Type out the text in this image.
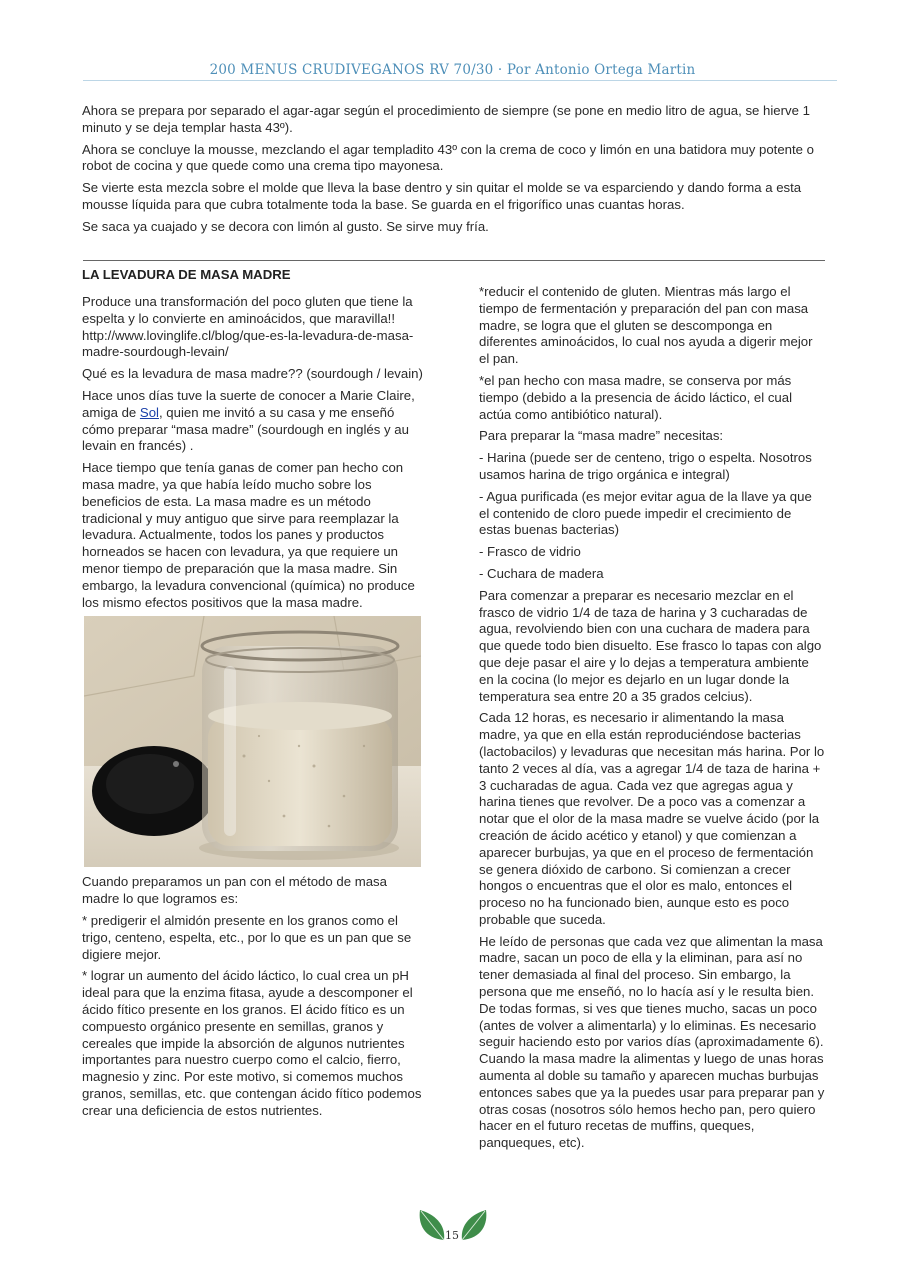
200 MENUS CRUDIVEGANOS RV 70/30 · Por Antonio Ortega Martin

Ahora se prepara por separado el agar-agar según el procedimiento de siempre (se pone en medio litro de agua, se hierve 1 minuto y se deja templar hasta 43º).

Ahora se concluye la mousse, mezclando el agar templadito 43º con la crema de coco y limón en una batidora muy potente o robot de cocina y que quede como una crema tipo mayonesa.

Se vierte esta mezcla sobre el molde que lleva la base dentro y sin quitar el molde se va esparciendo y dando forma a esta mousse líquida para que cubra totalmente toda la base. Se guarda en el frigorífico unas cuantas horas.

Se saca ya cuajado y se decora con limón al gusto. Se sirve muy fría.

LA LEVADURA DE MASA MADRE

Produce una transformación del poco gluten que tiene la espelta y lo convierte en aminoácidos, que maravilla!! http://www.lovinglife.cl/blog/que-es-la-levadura-de-masa-madre-sourdough-levain/

Qué es la levadura de masa madre?? (sourdough / levain)

Hace unos días tuve la suerte de conocer a Marie Claire, amiga de Sol, quien me invitó a su casa y me enseñó cómo preparar “masa madre” (sourdough en inglés y au levain en francés) .

Hace tiempo que tenía ganas de comer pan hecho con masa madre, ya que había leído mucho sobre los beneficios de esta. La masa madre es un método tradicional y muy antiguo que sirve para reemplazar la levadura. Actualmente, todos los panes y productos horneados se hacen con levadura, ya que requiere un menor tiempo de preparación que la masa madre. Sin embargo, la levadura convencional (química) no produce los mismo efectos positivos que la masa madre.

Cuando preparamos un pan con el método de masa madre lo que logramos es:

* predigerir el almidón presente en los granos como el trigo, centeno, espelta, etc., por lo que es un pan que se digiere mejor.

* lograr un aumento del ácido láctico, lo cual crea un pH ideal para que la enzima fitasa, ayude a descomponer el ácido fítico presente en los granos. El ácido fítico es un compuesto orgánico presente en semillas, granos y cereales que impide la absorción de algunos nutrientes importantes para nuestro cuerpo como el calcio, fierro, magnesio y zinc. Por este motivo, si comemos muchos granos, semillas, etc. que contengan ácido fítico podemos crear una deficiencia de estos nutrientes.

*reducir el contenido de gluten. Mientras más largo el tiempo de fermentación y preparación del pan con masa madre, se logra que el gluten se descomponga en diferentes aminoácidos, lo cual nos ayuda a digerir mejor el pan.

*el pan hecho con masa madre, se conserva por más tiempo (debido a la presencia de ácido láctico, el cual actúa como antibiótico natural).

Para preparar la “masa madre” necesitas:

- Harina (puede ser de centeno, trigo o espelta. Nosotros usamos harina de trigo orgánica e integral)

- Agua purificada (es mejor evitar agua de la llave ya que el contenido de cloro puede impedir el crecimiento de estas buenas bacterias)

- Frasco de vidrio

- Cuchara de madera

Para comenzar a preparar es necesario mezclar en el frasco de vidrio 1/4 de taza de harina y 3 cucharadas de agua, revolviendo bien con una cuchara de madera para que quede todo bien disuelto. Ese frasco lo tapas con algo que deje pasar el aire y lo dejas a temperatura ambiente en la cocina (lo mejor es dejarlo en un lugar donde la temperatura sea entre 20 a 35 grados celcius).

Cada 12 horas, es necesario ir alimentando la masa madre, ya que en ella están reproduciéndose bacterias (lactobacilos) y levaduras que necesitan más harina. Por lo tanto 2 veces al día, vas a agregar 1/4 de taza de harina + 3 cucharadas de agua. Cada vez que agregas agua y harina tienes que revolver. De a poco vas a comenzar a notar que el olor de la masa madre se vuelve ácido (por la creación de ácido acético y etanol) y que comienzan a aparecer burbujas, ya que en el proceso de fermentación se genera dióxido de carbono. Si comienzan a crecer hongos o encuentras que el olor es malo, entonces el proceso no ha funcionado bien, aunque esto es poco probable que suceda.

He leído de personas que cada vez que alimentan la masa madre, sacan un poco de ella y la eliminan, para así no tener demasiada al final del proceso. Sin embargo, la persona que me enseñó, no lo hacía así y le resulta bien. De todas formas, si ves que tienes mucho, sacas un poco (antes de volver a alimentarla) y lo eliminas. Es necesario seguir haciendo esto por varios días (aproximadamente 6). Cuando la masa madre la alimentas y luego de unas horas aumenta al doble su tamaño y aparecen muchas burbujas entonces sabes que ya la puedes usar para preparar pan y otras cosas (nosotros sólo hemos hecho pan, pero quiero hacer en el futuro recetas de muffins, queques, panqueques, etc).

15
